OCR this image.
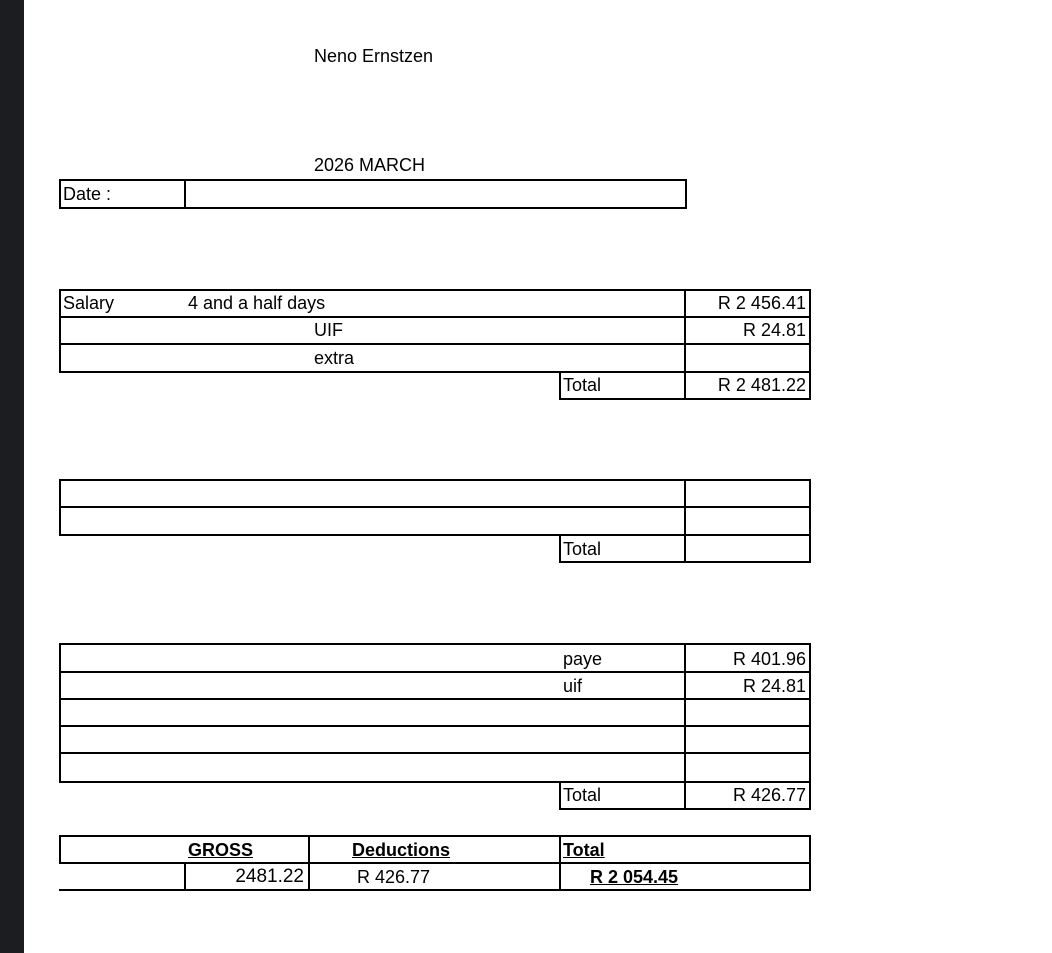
Neno Ernstzen
2026 MARCH
Date :
Salary	4 and a half days	R 2 456.41
UIF	R 24.81
extra
Total	R 2 481.22
Total
paye	R 401.96
uif	R 24.81
Total	R 426.77
GROSS	Deductions	Total
2481.22	R 426.77	R 2 054.45
